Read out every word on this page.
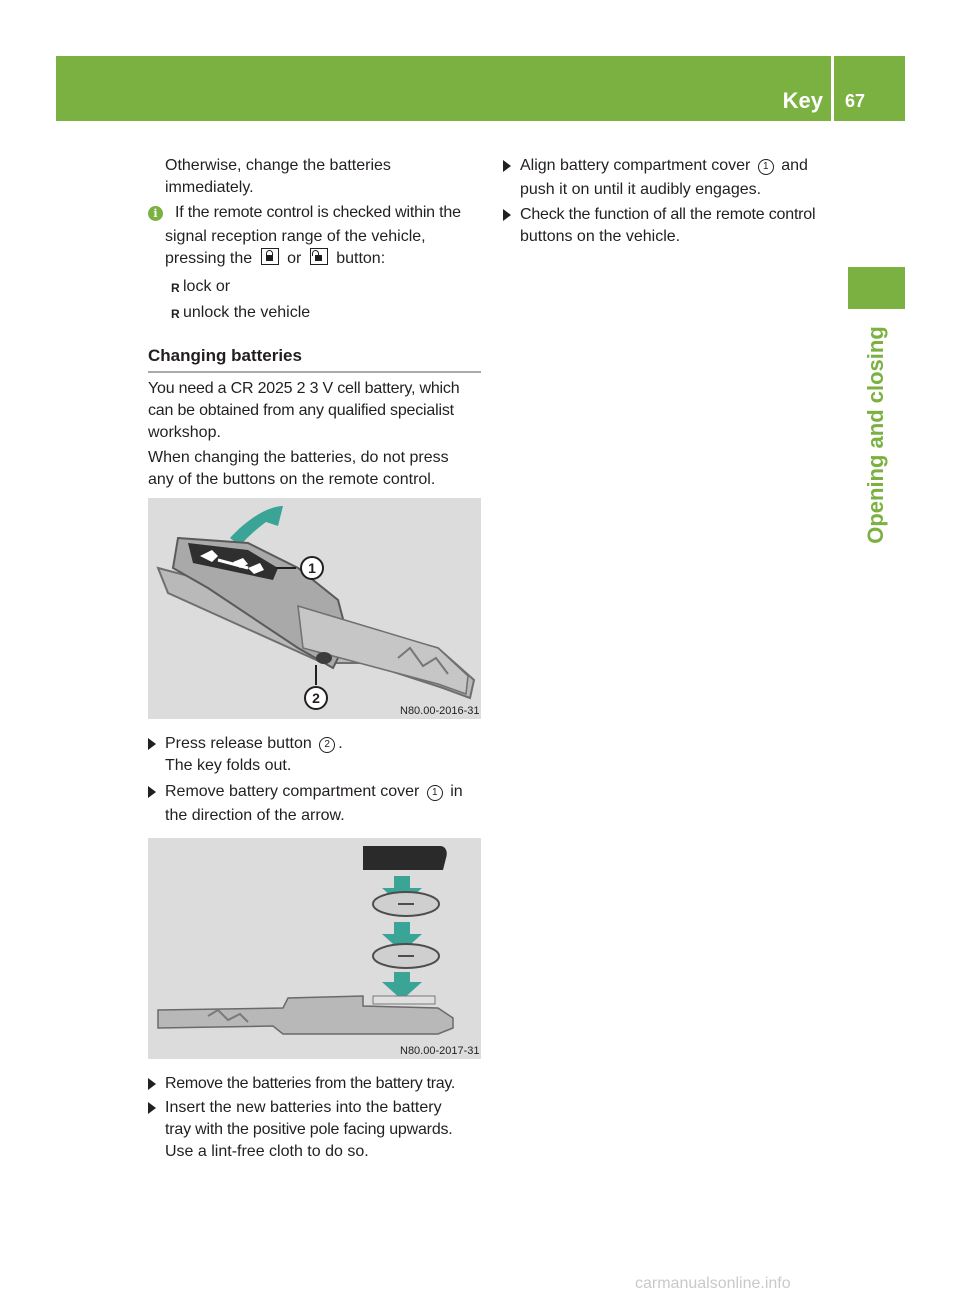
Key 67
Opening and closing
Otherwise, change the batteries
immediately.
i	If the remote control is checked within the
signal reception range of the vehicle,
pressing the or button:
R lock or
R unlock the vehicle
Changing batteries
You need a CR 2025 2 3 V cell battery, which
can be obtained from any qualified specialist
workshop.
When changing the batteries, do not press
any of the buttons on the remote control.
1
2
N80.00-2016-31
Press release button 2 .
The key folds out.
Remove battery compartment cover 1 in
the direction of the arrow.
N80.00-2017-31
Remove the batteries from the battery tray.
Insert the new batteries into the battery
tray with the positive pole facing upwards.
Use a lint-free cloth to do so.
Align battery compartment cover 1 and
push it on until it audibly engages.
Check the function of all the remote control
buttons on the vehicle.
carmanualsonline.info
